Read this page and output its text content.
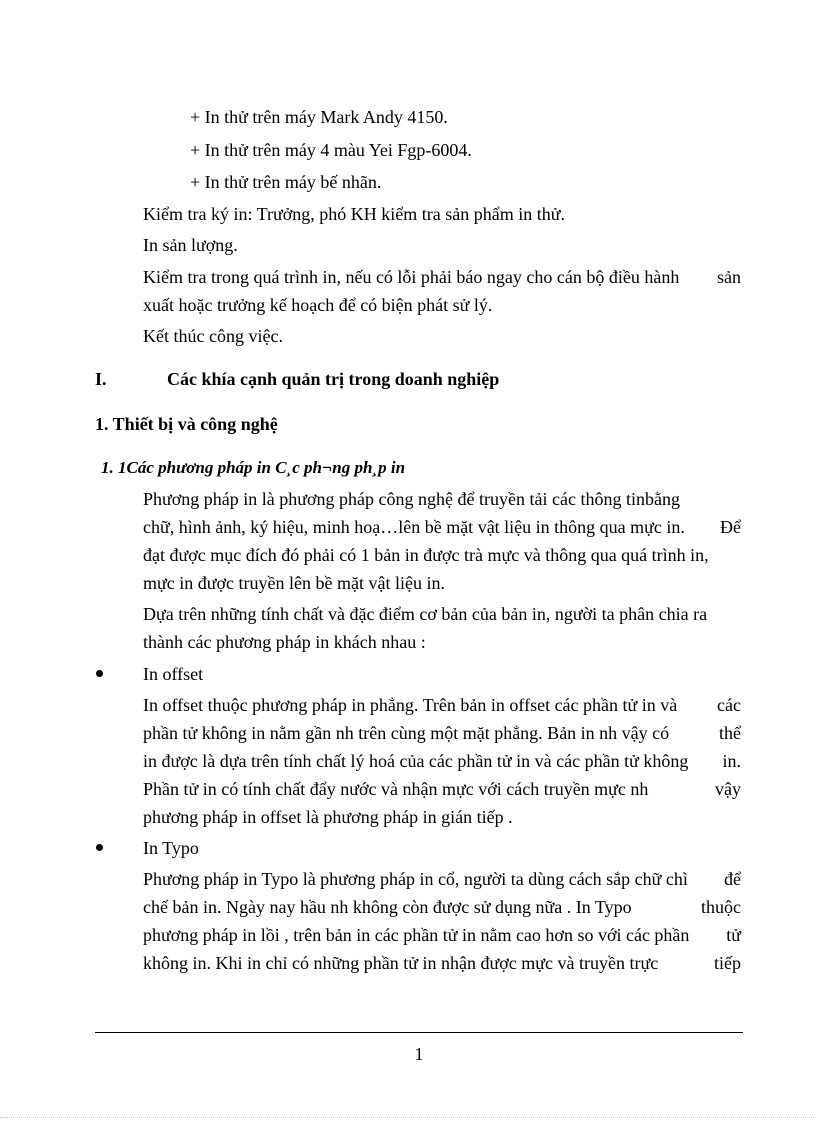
+ In thử trên máy Mark Andy 4150.
+ In thử trên máy 4 màu Yei Fgp-6004.
+ In thử trên máy bế nhãn.
Kiểm tra ký in: Trưởng, phó KH kiểm tra sản phẩm in thử.
In sản lượng.
Kiểm tra trong quá trình in, nếu có lỗi phải báo ngay cho cán bộ điều hành sản
xuất hoặc trưởng kế hoạch để có biện phát sử lý.
Kết thúc công việc.
I.	Các khía cạnh quản trị trong doanh nghiệp
1. Thiết bị và công nghệ
1. 1Các phương pháp in C¸c ph¬ng ph¸p in
Phương pháp in là phương pháp công nghệ để truyền tải các thông tin bằng
chữ, hình ảnh, ký hiệu, minh hoạ…lên bề mặt vật liệu in thông qua mực in. Để
đạt được mục đích đó phải có 1 bản in được trà mực và thông qua quá trình in,
mực in được truyền lên bề mặt vật liệu in.
Dựa trên những tính chất và đặc điểm cơ bản của bản in, người ta phân chia ra
thành các phương pháp in khách nhau :
In offset
In offset thuộc phương pháp in phẳng. Trên bản in offset các phần tử in và các
phần tử không in nằm gần nh trên cùng một mặt phẳng. Bản in nh vậy có	thể
in được là dựa trên tính chất lý hoá của các phần tử in và các phần tử không in.
Phần tử in có tính chất đẩy nước và nhận mực với cách truyền mực nh	vậy
phương pháp in offset là phương pháp in gián tiếp .
In Typo
Phương pháp in Typo là phương pháp in cổ, người ta dùng cách sắp chữ chì để
chế bản in. Ngày nay hầu nh không còn được sử dụng nữa . In Typo	thuộc
phương pháp in lồi , trên bản in các phần tử in nằm cao hơn so với các phần tử
không in. Khi in chỉ có những phần tử in nhận được mực và truyền trực	tiếp
1
